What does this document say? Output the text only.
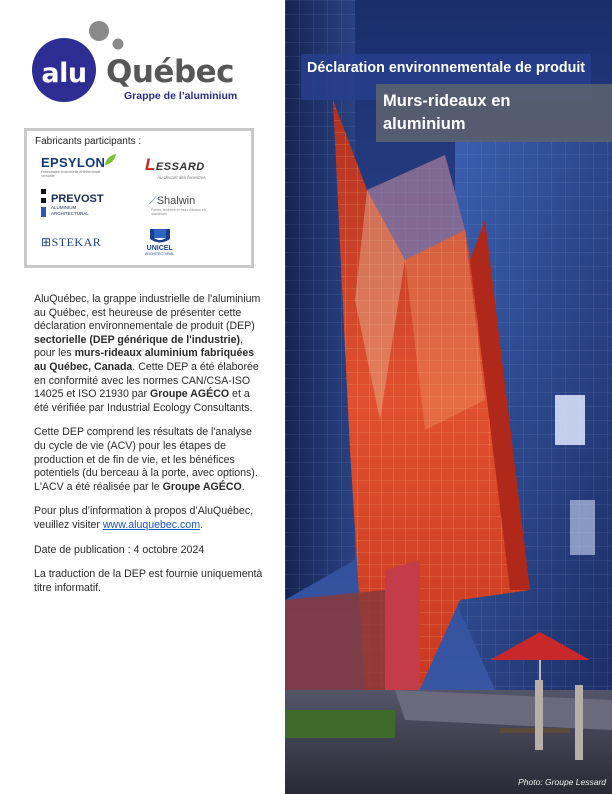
alu Québec
Grappe de l’aluminium
Fabricants participants :
EPSYLON
Fenestration Industrielle Architecturale Versatile
LESSARD
Au-devant des fenestres
PREVOST
ALUMINIUM
ARCHITECTURAL
⟋Shalwin
Portes, fenêtres et murs rideaux en aluminium
⊞STEKAR	UNICEL
ARCHITECTURAL

AluQuébec, la grappe industrielle de l'aluminium au Québec, est heureuse de présenter cette déclaration environnementale de produit (DEP) sectorielle (DEP générique de l'industrie), pour les murs-rideaux aluminium fabriquées au Québec, Canada. Cette DEP a été élaborée en conformité avec les normes CAN/CSA-ISO 14025 et ISO 21930 par Groupe AGÉCO et a été vérifiée par Industrial Ecology Consultants.

Cette DEP comprend les résultats de l'analyse du cycle de vie (ACV) pour les étapes de production et de fin de vie, et les bénéfices potentiels (du berceau à la porte, avec options). L'ACV a été réalisée par le Groupe AGÉCO.

Pour plus d’information à propos d’AluQuébec, veuillez visiter www.aluquebec.com.

Date de publication : 4 octobre 2024

La traduction de la DEP est fournie uniquementà titre informatif.

Déclaration environnementale de produit
Murs-rideaux en aluminium
Photo: Groupe Lessard
